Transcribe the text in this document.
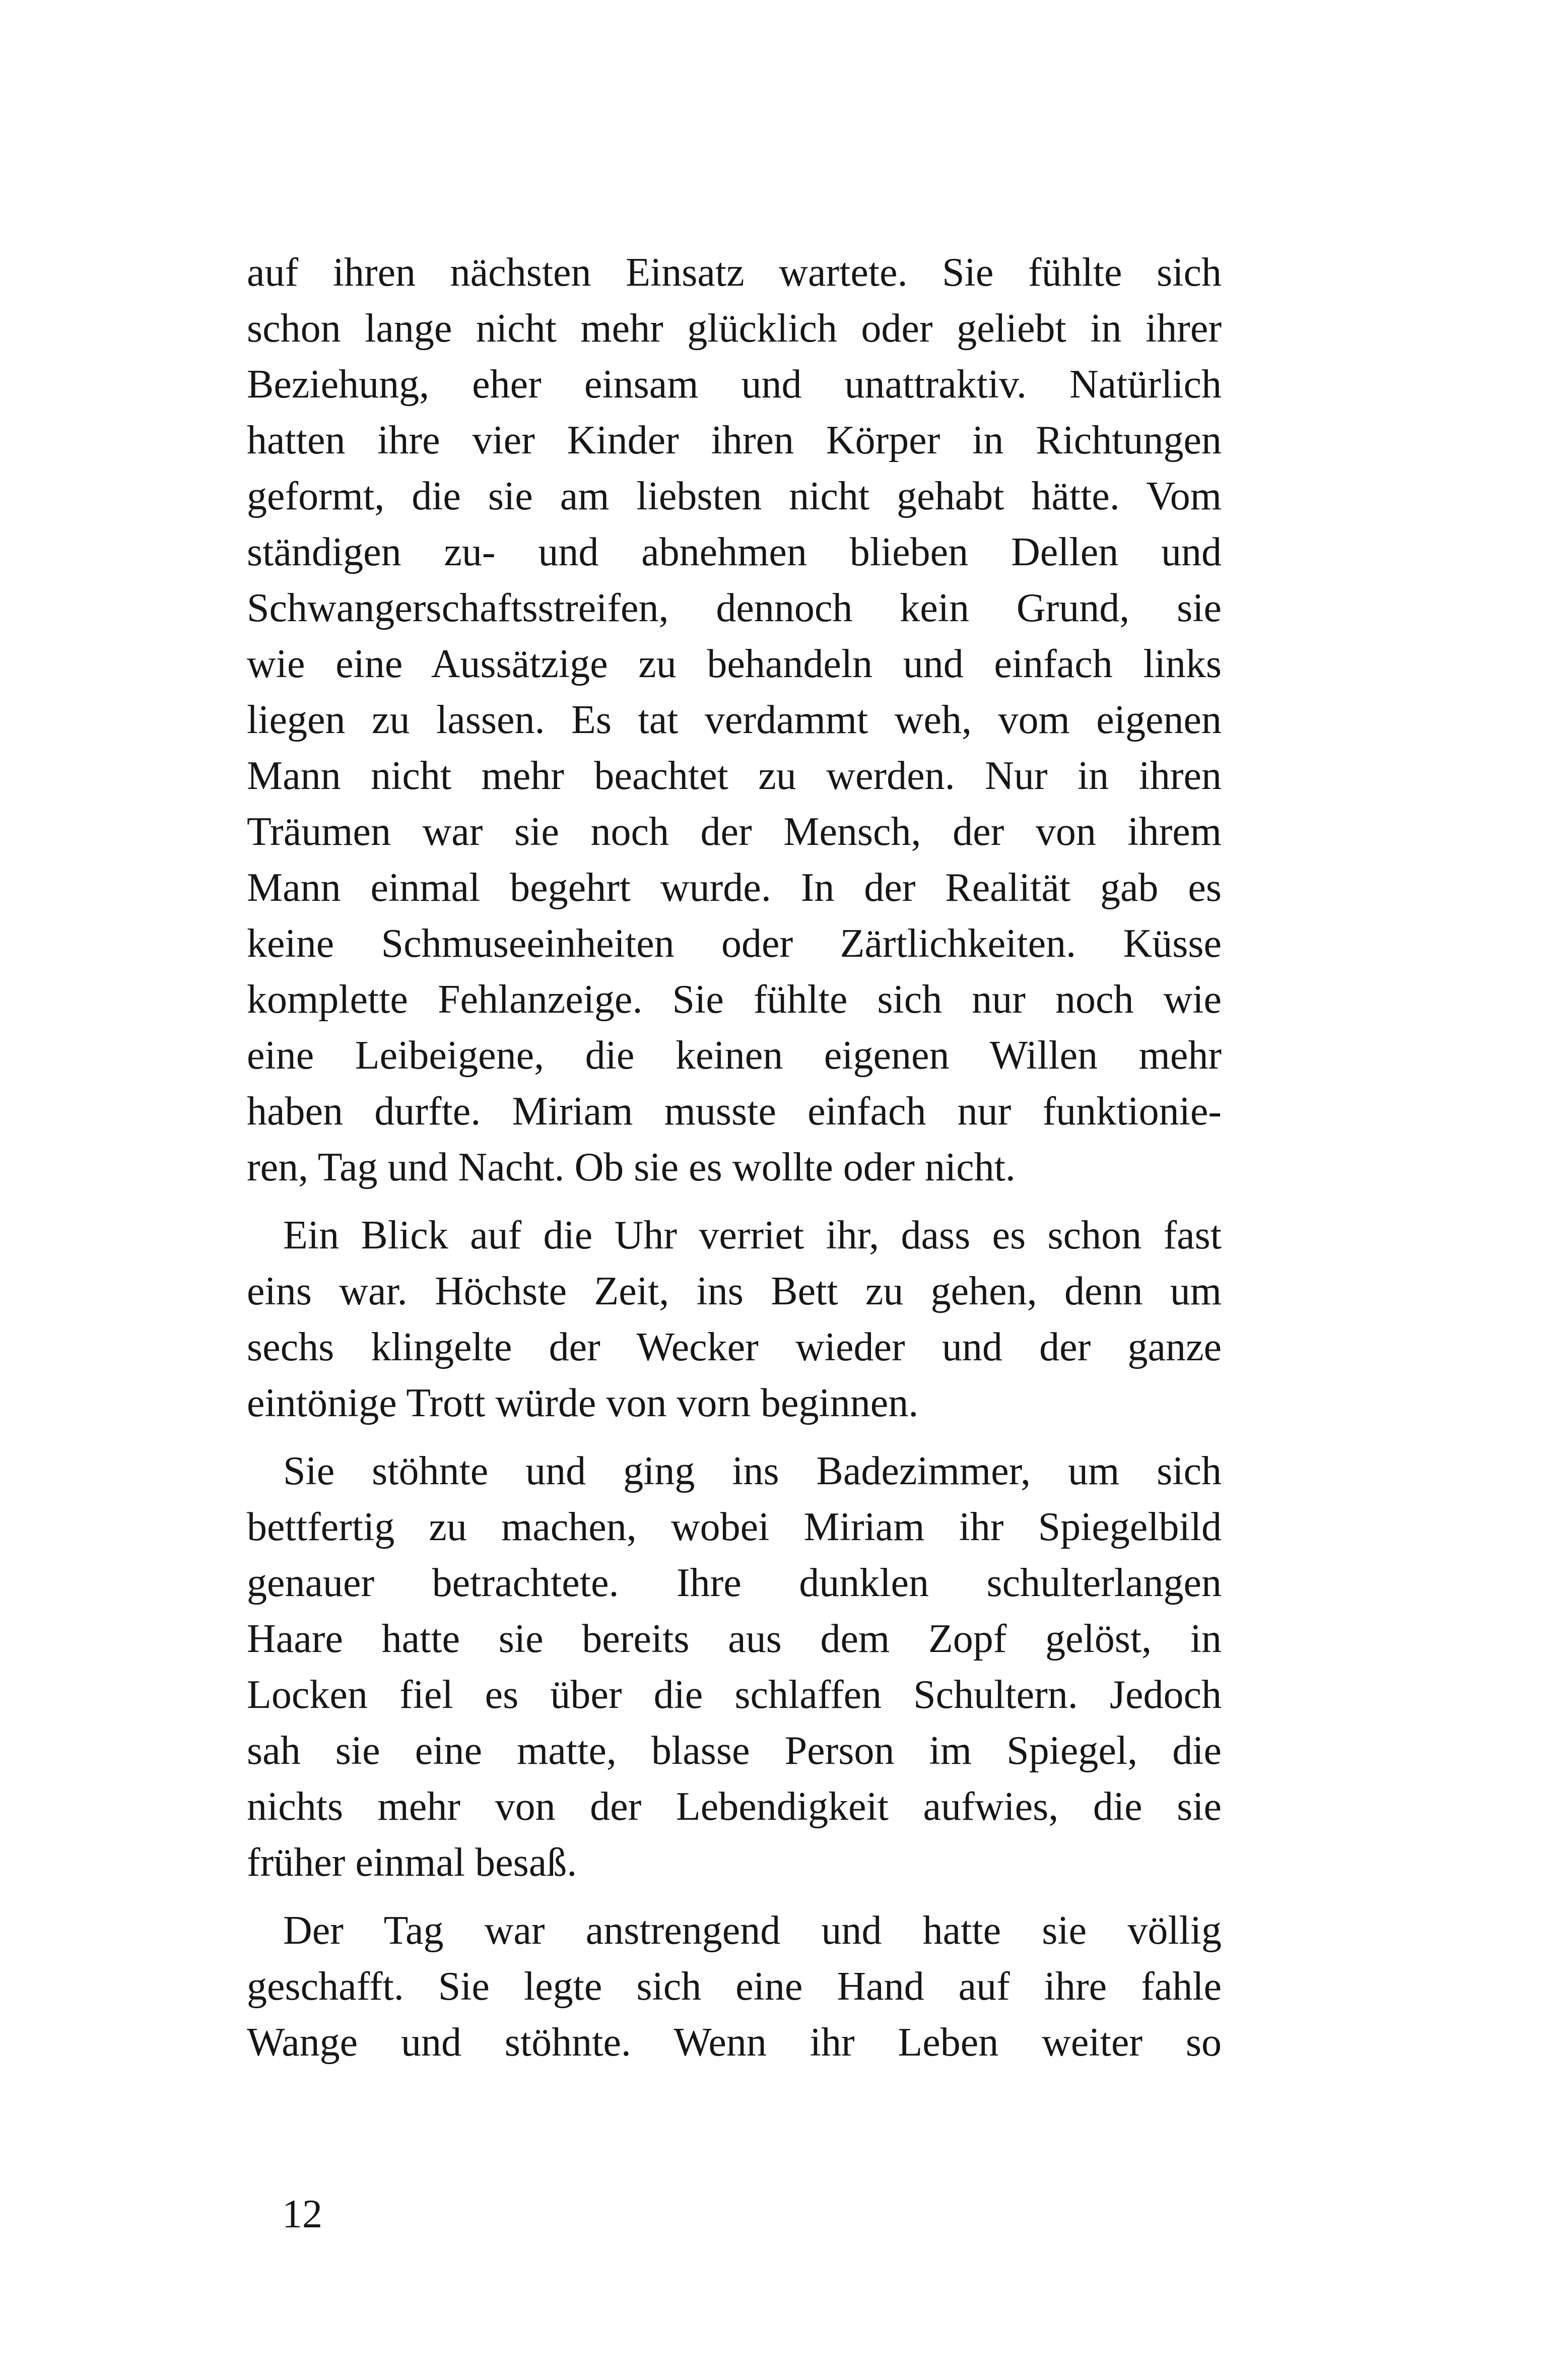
auf ihren nächsten Einsatz wartete. Sie fühlte sich
schon lange nicht mehr glücklich oder geliebt in ihrer
Beziehung, eher einsam und unattraktiv. Natürlich
hatten ihre vier Kinder ihren Körper in Richtungen
geformt, die sie am liebsten nicht gehabt hätte. Vom
ständigen zu- und abnehmen blieben Dellen und
Schwangerschaftsstreifen, dennoch kein Grund, sie
wie eine Aussätzige zu behandeln und einfach links
liegen zu lassen. Es tat verdammt weh, vom eigenen
Mann nicht mehr beachtet zu werden. Nur in ihren
Träumen war sie noch der Mensch, der von ihrem
Mann einmal begehrt wurde. In der Realität gab es
keine Schmuseeinheiten oder Zärtlichkeiten. Küsse
komplette Fehlanzeige. Sie fühlte sich nur noch wie
eine Leibeigene, die keinen eigenen Willen mehr
haben durfte. Miriam musste einfach nur funktionie-
ren, Tag und Nacht. Ob sie es wollte oder nicht.
Ein Blick auf die Uhr verriet ihr, dass es schon fast
eins war. Höchste Zeit, ins Bett zu gehen, denn um
sechs klingelte der Wecker wieder und der ganze
eintönige Trott würde von vorn beginnen.
Sie stöhnte und ging ins Badezimmer, um sich
bettfertig zu machen, wobei Miriam ihr Spiegelbild
genauer betrachtete. Ihre dunklen schulterlangen
Haare hatte sie bereits aus dem Zopf gelöst, in
Locken fiel es über die schlaffen Schultern. Jedoch
sah sie eine matte, blasse Person im Spiegel, die
nichts mehr von der Lebendigkeit aufwies, die sie
früher einmal besaß.
Der Tag war anstrengend und hatte sie völlig
geschafft. Sie legte sich eine Hand auf ihre fahle
Wange und stöhnte. Wenn ihr Leben weiter so
12
